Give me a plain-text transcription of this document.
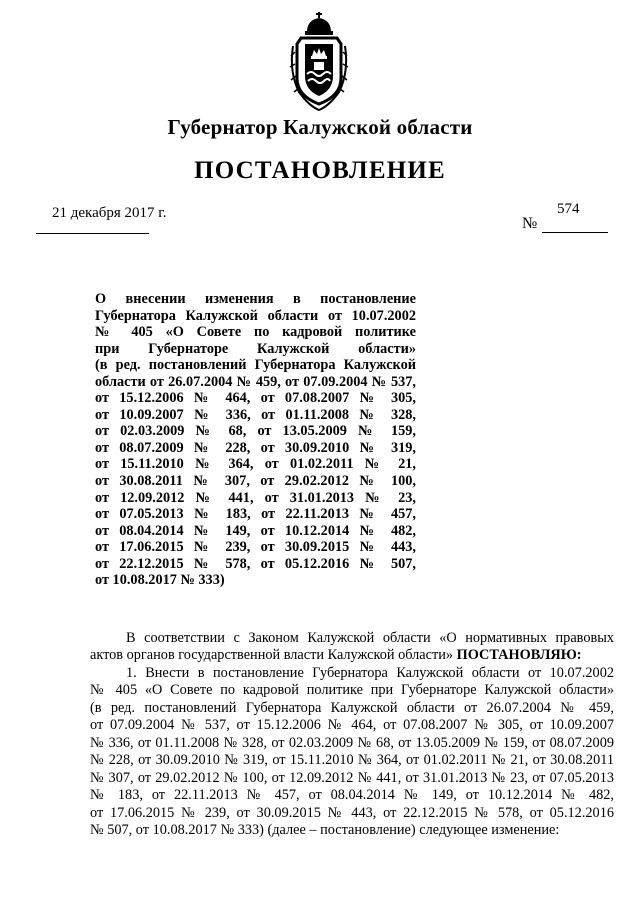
Губернатор Калужской области
ПОСТАНОВЛЕНИЕ
21 декабря 2017 г.	574
№
О внесении изменения в постановление
Губернатора Калужской области от 10.07.2002
№ 405 «О Совете по кадровой политике
при Губернаторе Калужской области»
(в ред. постановлений Губернатора Калужской
области от 26.07.2004 № 459, от 07.09.2004 № 537,
от 15.12.2006 № 464, от 07.08.2007 № 305,
от 10.09.2007 № 336, от 01.11.2008 № 328,
от 02.03.2009 № 68, от 13.05.2009 № 159,
от 08.07.2009 № 228, от 30.09.2010 № 319,
от 15.11.2010 № 364, от 01.02.2011 № 21,
от 30.08.2011 № 307, от 29.02.2012 № 100,
от 12.09.2012 № 441, от 31.01.2013 № 23,
от 07.05.2013 № 183, от 22.11.2013 № 457,
от 08.04.2014 № 149, от 10.12.2014 № 482,
от 17.06.2015 № 239, от 30.09.2015 № 443,
от 22.12.2015 № 578, от 05.12.2016 № 507,
от 10.08.2017 № 333)
В соответствии с Законом Калужской области «О нормативных правовых
актов органов государственной власти Калужской области» ПОСТАНОВЛЯЮ:
1. Внести в постановление Губернатора Калужской области от 10.07.2002
№ 405 «О Совете по кадровой политике при Губернаторе Калужской области»
(в ред. постановлений Губернатора Калужской области от 26.07.2004 № 459,
от 07.09.2004 № 537, от 15.12.2006 № 464, от 07.08.2007 № 305, от 10.09.2007
№ 336, от 01.11.2008 № 328, от 02.03.2009 № 68, от 13.05.2009 № 159, от 08.07.2009
№ 228, от 30.09.2010 № 319, от 15.11.2010 № 364, от 01.02.2011 № 21, от 30.08.2011
№ 307, от 29.02.2012 № 100, от 12.09.2012 № 441, от 31.01.2013 № 23, от 07.05.2013
№ 183, от 22.11.2013 № 457, от 08.04.2014 № 149, от 10.12.2014 № 482,
от 17.06.2015 № 239, от 30.09.2015 № 443, от 22.12.2015 № 578, от 05.12.2016
№ 507, от 10.08.2017 № 333) (далее – постановление) следующее изменение:
